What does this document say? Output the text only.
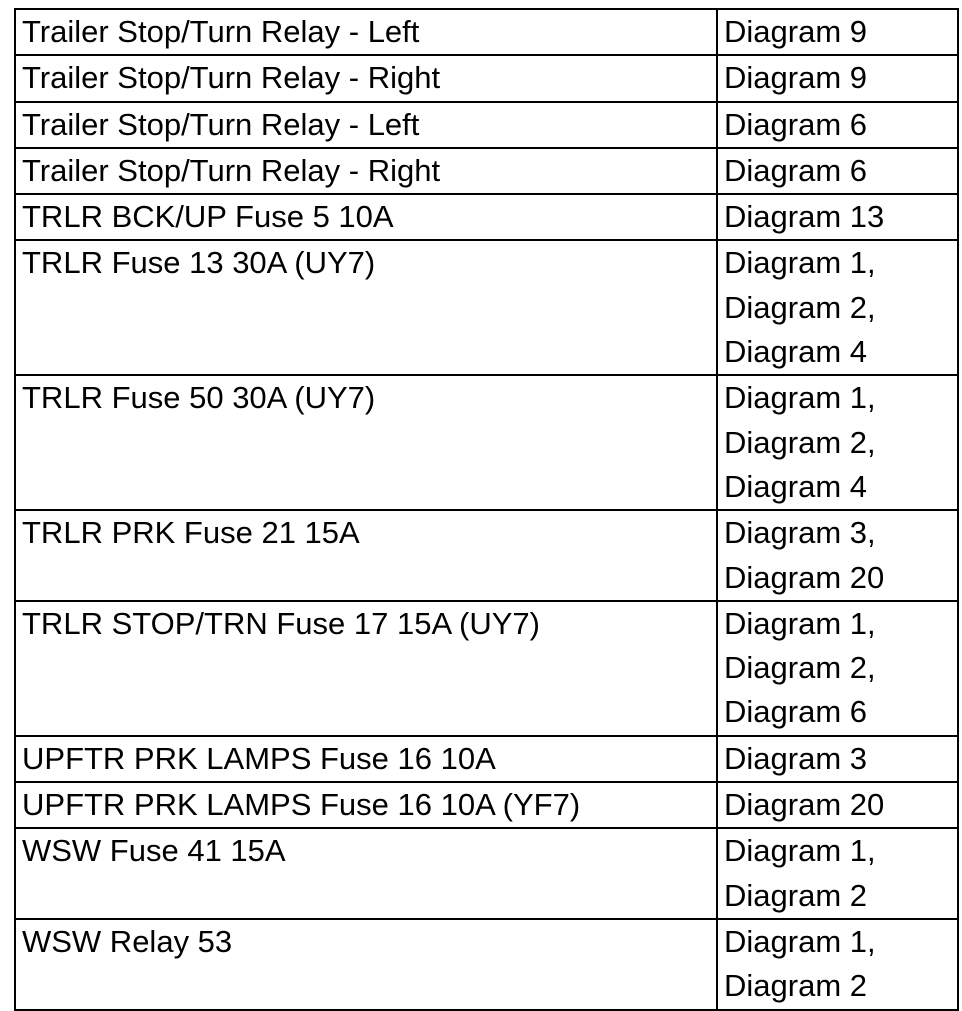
Trailer Stop/Turn Relay - Left	Diagram 9

Trailer Stop/Turn Relay - Right	Diagram 9

Trailer Stop/Turn Relay - Left	Diagram 6

Trailer Stop/Turn Relay - Right	Diagram 6

TRLR BCK/UP Fuse 5 10A	Diagram 13

TRLR Fuse 13 30A (UY7)	Diagram 1,
Diagram 2,
Diagram 4

TRLR Fuse 50 30A (UY7)	Diagram 1,
Diagram 2,
Diagram 4

TRLR PRK Fuse 21 15A	Diagram 3,
Diagram 20

TRLR STOP/TRN Fuse 17 15A (UY7)	Diagram 1,
Diagram 2,
Diagram 6

UPFTR PRK LAMPS Fuse 16 10A	Diagram 3

UPFTR PRK LAMPS Fuse 16 10A (YF7)	Diagram 20

WSW Fuse 41 15A	Diagram 1,
Diagram 2

WSW Relay 53	Diagram 1,
Diagram 2
